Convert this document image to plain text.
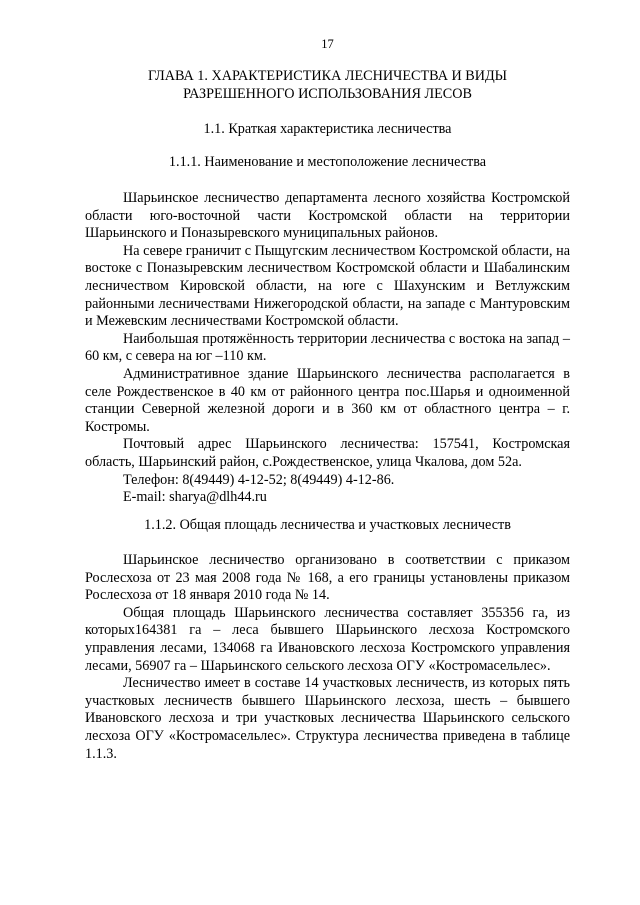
17
ГЛАВА 1. ХАРАКТЕРИСТИКА ЛЕСНИЧЕСТВА И ВИДЫ
РАЗРЕШЕННОГО ИСПОЛЬЗОВАНИЯ ЛЕСОВ
1.1. Краткая характеристика лесничества
1.1.1. Наименование и местоположение лесничества

Шарьинское лесничество департамента лесного хозяйства Костромской области юго-восточной части Костромской области на территории Шарьинского и Поназыревского муниципальных районов.

На севере граничит с Пыщугским лесничеством Костромской области, на востоке с Поназыревским лесничеством Костромской области и Шабалинским лесничеством Кировской области, на юге с Шахунским и Ветлужским районными лесничествами Нижегородской области, на западе с Мантуровским и Межевским лесничествами Костромской области.

Наибольшая протяжённость территории лесничества с востока на запад – 60 км, с севера на юг –110 км.

Административное здание Шарьинского лесничества располагается в селе Рождественское в 40 км от районного центра пос.Шарья и одноименной станции Северной железной дороги и в 360 км от областного центра – г. Костромы.

Почтовый адрес Шарьинского лесничества: 157541, Костромская область, Шарьинский район, с.Рождественское, улица Чкалова, дом 52а.

Телефон: 8(49449) 4-12-52; 8(49449) 4-12-86.

E-mail: sharya@dlh44.ru

1.1.2. Общая площадь лесничества и участковых лесничеств

Шарьинское лесничество организовано в соответствии с приказом Рослесхоза от 23 мая 2008 года № 168, а его границы установлены приказом Рослесхоза от 18 января 2010 года № 14.

Общая площадь Шарьинского лесничества составляет 355356 га, из которых164381 га – леса бывшего Шарьинского лесхоза Костромского управления лесами, 134068 га Ивановского лесхоза Костромского управления лесами, 56907 га – Шарьинского сельского лесхоза ОГУ «Костромасельлес».

Лесничество имеет в составе 14 участковых лесничеств, из которых пять участковых лесничеств бывшего Шарьинского лесхоза, шесть – бывшего Ивановского лесхоза и три участковых лесничества Шарьинского сельского лесхоза ОГУ «Костромасельлес». Структура лесничества приведена в таблице 1.1.3.
